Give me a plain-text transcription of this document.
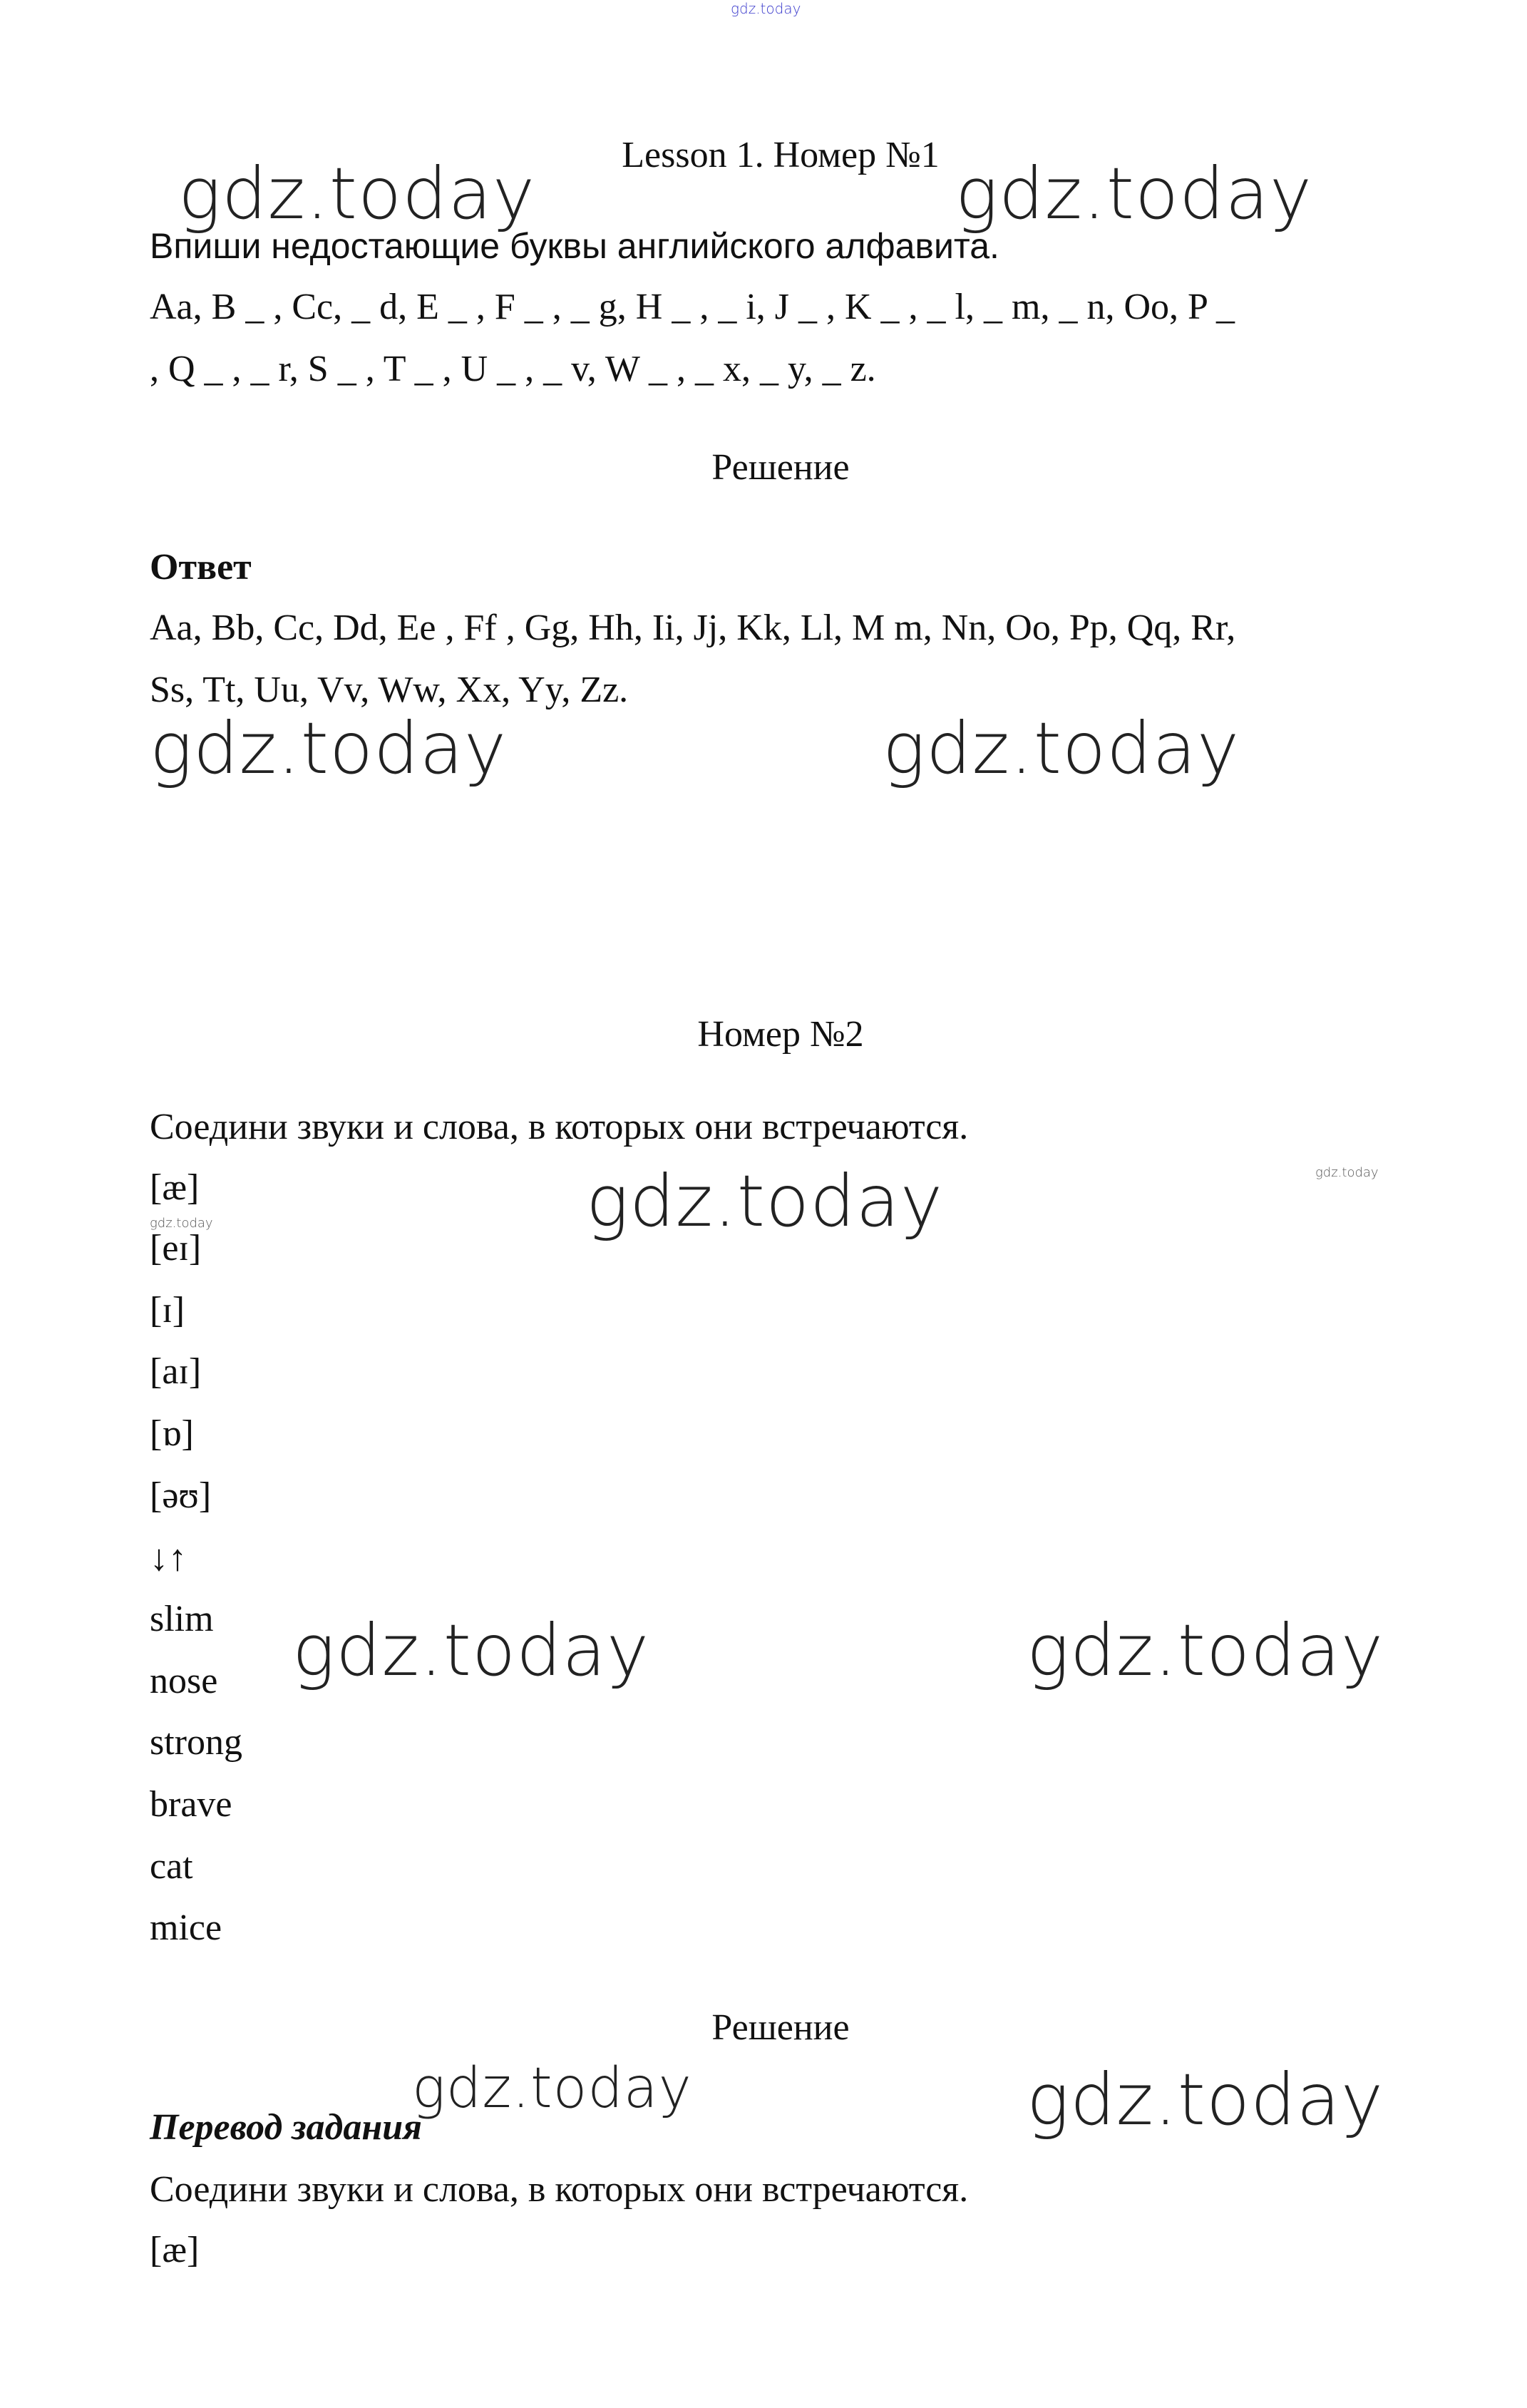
gdz.today
Lesson 1. Номер №1
gdz.today	gdz.today
Впиши недостающие буквы английского алфавита.
Aa, B _ , Cc, _ d, E _ , F _ , _ g, H _ , _ i, J _ , K _ , _ l, _ m, _ n, Oo, P _
, Q _ , _ r, S _ , T _ , U _ , _ v, W _ , _ x, _ y, _ z.
Решение
Ответ
Aa, Bb, Cc, Dd, Ee , Ff , Gg, Hh, Ii, Jj, Kk, Ll, M m, Nn, Oo, Pp, Qq, Rr,
Ss, Tt, Uu, Vv, Ww, Xx, Yy, Zz.
gdz.today	gdz.today
Номер №2
Соедини звуки и слова, в которых они встречаются.
gdz.today
gdz.today
[æ]
gdz.today
[eɪ]
[ɪ]
[aɪ]
[ɒ]
[əʊ]
↓↑
slim gdz.today	gdz.today
nose
strong
brave
cat
mice
Решение
gdz.today	gdz.today
Перевод задания
Соедини звуки и слова, в которых они встречаются.
[æ]
